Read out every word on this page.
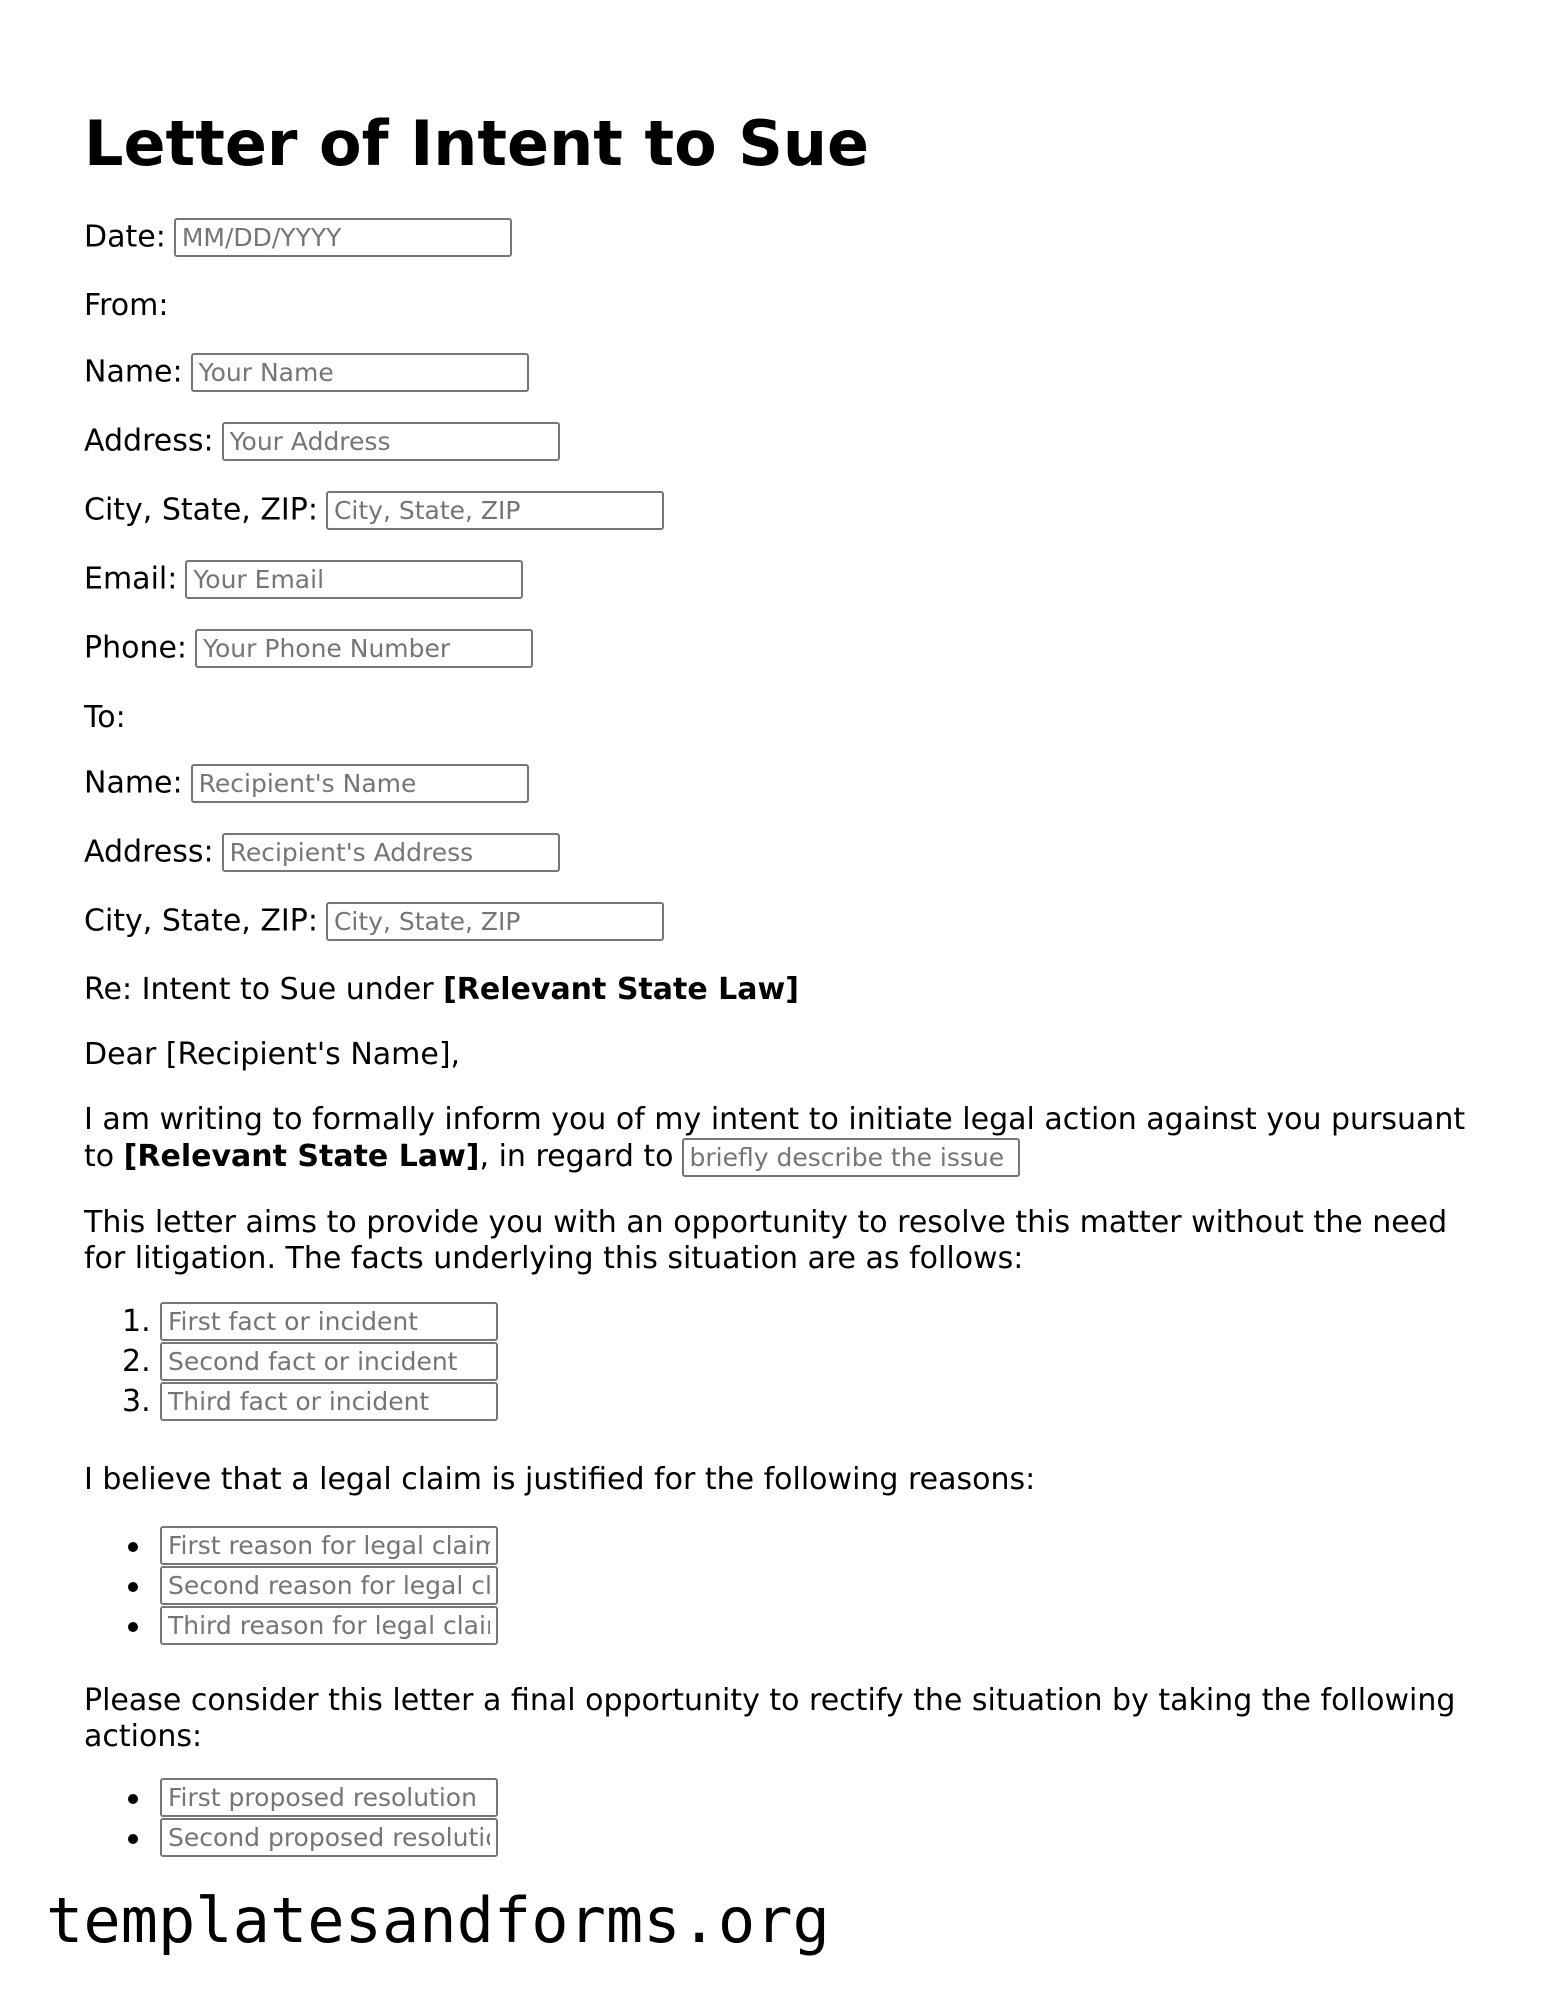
Letter of Intent to Sue
Date:MM/DD/YYYY
From:
Name:Your Name
Address:Your Address
City, State, ZIP:City, State, ZIP
Email:Your Email
Phone:Your Phone Number
To:
Name:Recipient's Name
Address:Recipient's Address
City, State, ZIP:City, State, ZIP
Re: Intent to Sue under [Relevant State Law]
Dear [Recipient's Name],
I am writing to formally inform you of my intent to initiate legal action against you pursuant to [Relevant State Law], in regard tobriefly describe the issue
This letter aims to provide you with an opportunity to resolve this matter without the need for litigation. The facts underlying this situation are as follows:
1.
First fact or incident
2.
Second fact or incident
3.
Third fact or incident
I believe that a legal claim is justified for the following reasons:
First reason for legal claim
Second reason for legal claim
Third reason for legal claim
Please consider this letter a final opportunity to rectify the situation by taking the following actions:
First proposed resolution
Second proposed resolution
templatesandforms.org
